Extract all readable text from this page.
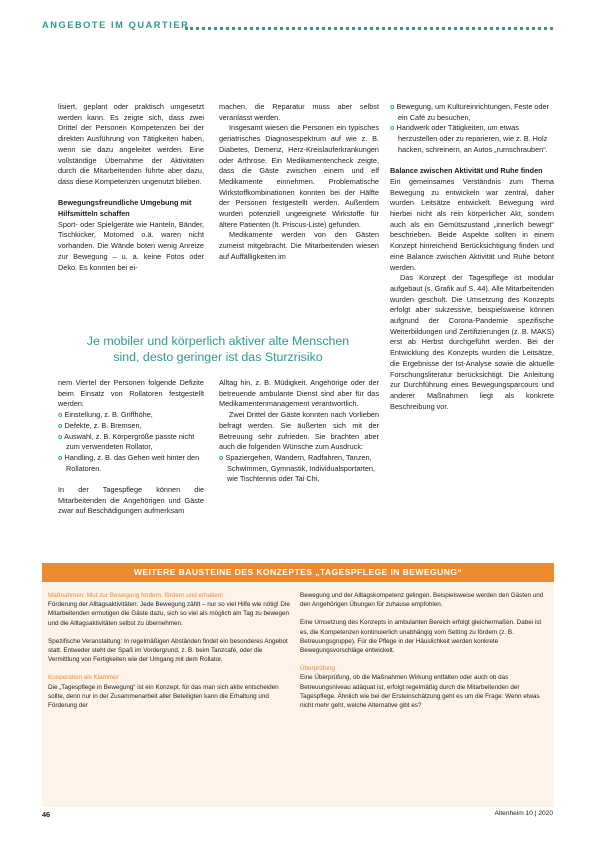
ANGEBOTE IM QUARTIER

lisiert, geplant oder praktisch umgesetzt werden kann. Es zeigte sich, dass zwei Drittel der Personen Kompetenzen bei der direkten Ausführung von Tätigkeiten haben, wenn sie dazu angeleitet werden. Eine vollständige Übernahme der Aktivitäten durch die Mitarbeitenden führte aber dazu, dass diese Kompetenzen ungenutzt blieben.

Bewegungsfreundliche Umgebung mit Hilfsmitteln schaffen

Sport- oder Spielgeräte wie Hanteln, Bänder, Tischkicker, Motomed o.ä. waren nicht vorhanden. Die Wände boten wenig Anreize zur Bewegung – u. a. keine Fotos oder Deko. Es konnten bei ei-

machen, die Reparatur muss aber selbst veranlasst werden.

Insgesamt wiesen die Personen ein typisches geriatrisches Diagnosespektrum auf wie z. B. Diabetes, Demenz, Herz-Kreislauferkrankungen oder Arthrose. Ein Medikamentencheck zeigte, dass die Gäste zwischen einem und elf Medikamente einnehmen. Problematische Wirkstoffkombinationen konnten bei der Hälfte der Personen festgestellt werden. Außerdem wurden potenziell ungeeignete Wirkstoffe für ältere Patienten (lt. Priscus-Liste) gefunden.

Medikamente werden von den Gästen zumeist mitgebracht. Die Mitarbeitenden wiesen auf Auffälligkeiten im

Je mobiler und körperlich aktiver alte Menschen
sind, desto geringer ist das Sturzrisiko

nem Viertel der Personen folgende Defizite beim Einsatz von Rollatoren festgestellt werden:

o Einstellung, z. B. Griffhöhe,

o Defekte, z. B. Bremsen,

o Auswahl, z. B. Körpergröße passte nicht zum verwendeten Rollator,

o Handling, z. B. das Gehen weit hinter den Rollatoren.

In der Tagespflege können die Mitarbeitenden die Angehörigen und Gäste zwar auf Beschädigungen aufmerksam

Alltag hin, z. B. Müdigkeit. Angehörige oder der betreuende ambulante Dienst sind aber für das Medikamentenmanagement verantwortlich.

Zwei Drittel der Gäste konnten nach Vorlieben befragt werden. Sie äußerten sich mit der Betreuung sehr zufrieden. Sie brachten aber auch die folgenden Wünsche zum Ausdruck:

o Spaziergehen, Wandern, Radfahren, Tanzen, Schwimmen, Gymnastik, Individualsportarten, wie Tischtennis oder Tai Chi,

o Bewegung, um Kultureinrichtungen, Feste oder ein Café zu besuchen,

o Handwerk oder Tätigkeiten, um etwas herzustellen oder zu reparieren, wie z. B. Holz hacken, schreinern, an Autos „rumschrauben“.

Balance zwischen Aktivität und Ruhe finden

Ein gemeinsames Verständnis zum Thema Bewegung zu entwickeln war zentral, daher wurden Leitsätze entwickelt. Bewegung wird hierbei nicht als rein körperlicher Akt, sondern auch als ein Gemütszustand „innerlich bewegt“ beschrieben. Beide Aspekte sollten in einem Konzept hinreichend Berücksichtigung finden und eine Balance zwischen Aktivität und Ruhe betont werden.

Das Konzept der Tagespflege ist modular aufgebaut (s. Grafik auf S. 44). Alle Mitarbeitenden wurden geschult. Die Umsetzung des Konzepts erfolgt aber sukzessive, beispielsweise können aufgrund der Corona-Pandemie spezifische Weiterbildungen und Zertifizierungen (z. B. MAKS) erst ab Herbst durchgeführt werden. Bei der Entwicklung des Konzepts wurden die Leitsätze, die Ergebnisse der Ist-Analyse sowie die aktuelle Forschungsliteratur berücksichtigt. Die Anleitung zur Durchführung eines Bewegungsparcours und anderer Maßnahmen liegt als konkrete Beschreibung vor.

WEITERE BAUSTEINE DES KONZEPTES „TAGESPFLEGE IN BEWEGUNG“

Maßnahmen: Mut zur Bewegung fordern, fördern und erhalten!

Förderung der Alltagsaktivitäten: Jede Bewegung zählt – nur so viel Hilfe wie nötig! Die Mitarbeitenden ermutigen die Gäste dazu, sich so viel als möglich am Tag zu bewegen und die Alltagsaktivitäten selbst zu übernehmen.

Spezifische Veranstaltung: In regelmäßigen Abständen findet ein besonderes Angebot statt. Entweder steht der Spaß im Vordergrund, z. B. beim Tanzcafé, oder die Vermittlung von Fertigkeiten wie der Umgang mit dem Rollator.

Kooperation als Klammer

Die „Tagespflege in Bewegung“ ist ein Konzept, für das man sich aktiv entscheiden sollte, denn nur in der Zusammenarbeit aller Beteiligten kann die Erhaltung und Förderung der

Bewegung und der Alltagskompetenz gelingen. Beispielsweise werden den Gästen und den Angehörigen Übungen für zuhause empfohlen.

Eine Umsetzung des Konzepts in ambulanten Bereich erfolgt gleichermaßen. Dabei ist es, die Kompetenzen kontinuierlich unabhängig vom Setting zu fördern (z. B. Betreuungsgruppe). Für die Pflege in der Häuslichkeit werden konkrete Bewegungsvorschläge entwickelt.

Überprüfung

Eine Überprüfung, ob die Maßnahmen Wirkung entfalten oder auch ob das Betreuungsniveau adäquat ist, erfolgt regelmäßig durch die Mitarbeitenden der Tagespflege. Ähnlich wie bei der Ersteinschätzung geht es um die Frage: Wenn etwas nicht mehr geht, welche Alternative gibt es?

46	Altenheim 10 | 2020
